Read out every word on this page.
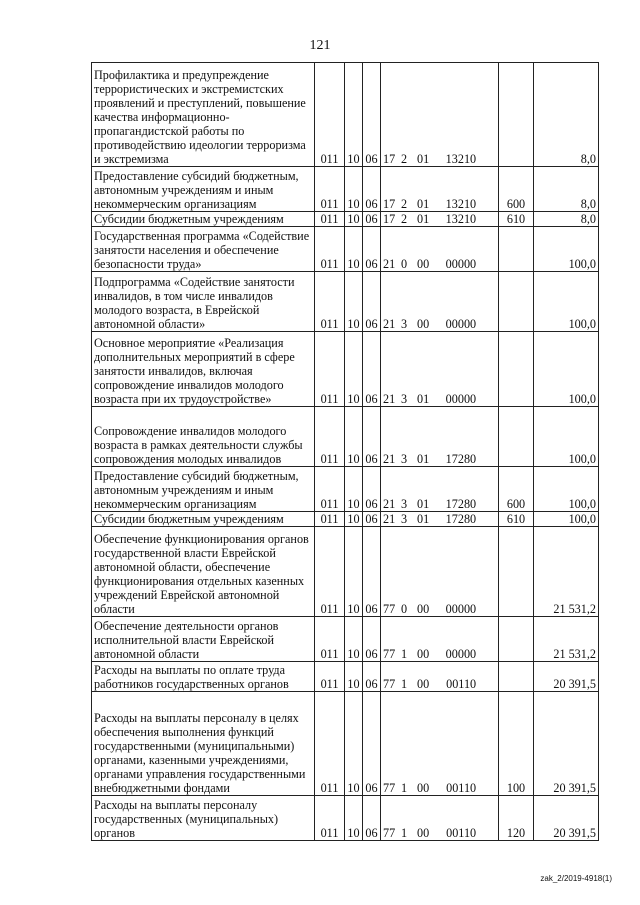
121
Профилактика и предупреждение террористических и экстремистских проявлений и преступлений, повышение качества информационно-пропагандистской работы по противодействию идеологии терроризма и экстремизма	011	10	06	17 2 01 13210		8,0
Предоставление субсидий бюджетным, автономным учреждениям и иным некоммерческим организациям	011	10	06	17 2 01 13210	600	8,0
Субсидии бюджетным учреждениям	011	10	06	17 2 01 13210	610	8,0
Государственная программа «Содействие занятости населения и обеспечение безопасности труда»	011	10	06	21 0 00 00000		100,0
Подпрограмма «Содействие занятости инвалидов, в том числе инвалидов молодого возраста, в Еврейской автономной области»	011	10	06	21 3 00 00000		100,0
Основное мероприятие «Реализация дополнительных мероприятий в сфере занятости инвалидов, включая сопровождение инвалидов молодого возраста при их трудоустройстве»	011	10	06	21 3 01 00000		100,0
Сопровождение инвалидов молодого возраста в рамках деятельности службы сопровождения молодых инвалидов	011	10	06	21 3 01 17280		100,0
Предоставление субсидий бюджетным, автономным учреждениям и иным некоммерческим организациям	011	10	06	21 3 01 17280	600	100,0
Субсидии бюджетным учреждениям	011	10	06	21 3 01 17280	610	100,0
Обеспечение функционирования органов государственной власти Еврейской автономной области, обеспечение функционирования отдельных казенных учреждений Еврейской автономной области	011	10	06	77 0 00 00000		21 531,2
Обеспечение деятельности органов исполнительной власти Еврейской автономной области	011	10	06	77 1 00 00000		21 531,2
Расходы на выплаты по оплате труда работников государственных органов	011	10	06	77 1 00 00110		20 391,5
Расходы на выплаты персоналу в целях обеспечения выполнения функций государственными (муниципальными) органами, казенными учреждениями, органами управления государственными внебюджетными фондами	011	10	06	77 1 00 00110	100	20 391,5
Расходы на выплаты персоналу государственных (муниципальных) органов	011	10	06	77 1 00 00110	120	20 391,5
zak_2/2019-4918(1)
